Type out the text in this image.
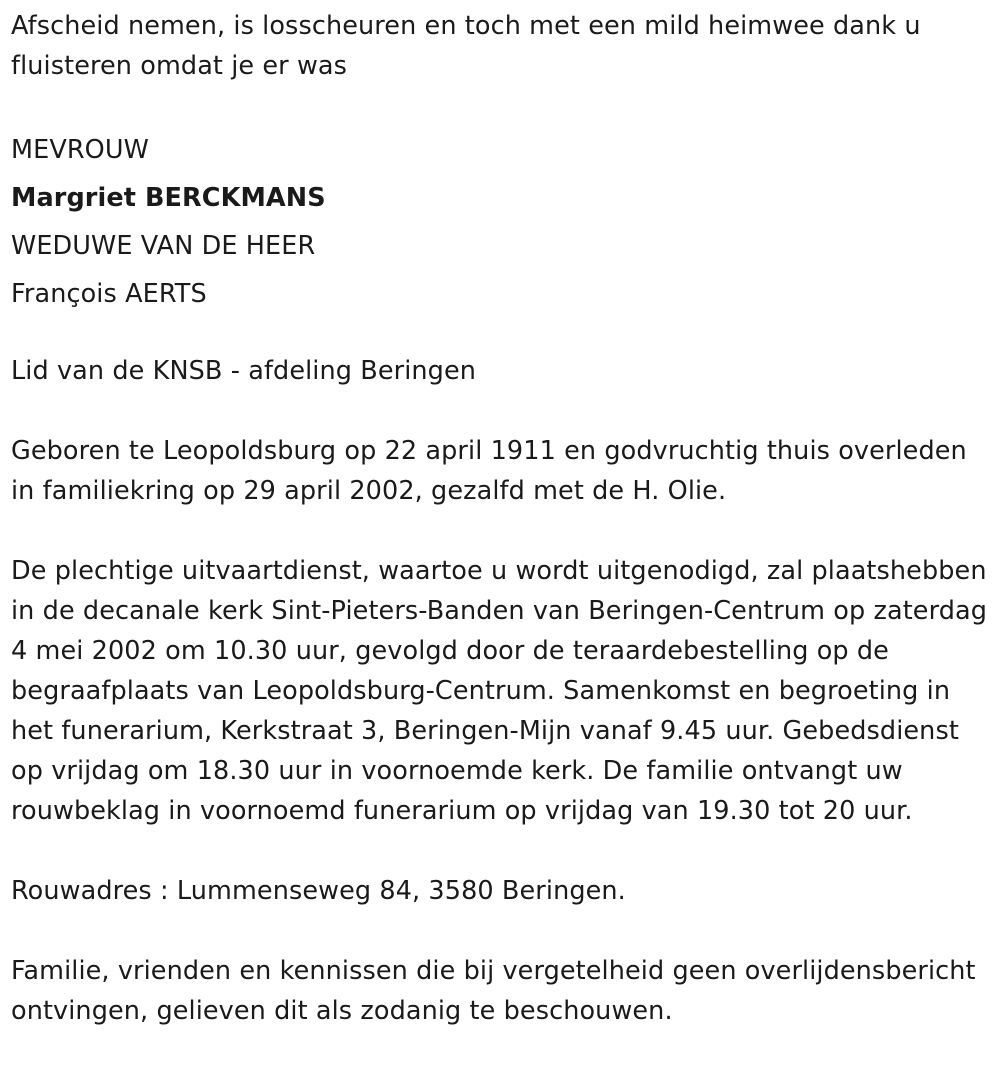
Afscheid nemen, is losscheuren en toch met een mild heimwee dank u fluisteren omdat je er was

MEVROUW
Margriet BERCKMANS
WEDUWE VAN DE HEER
François AERTS

Lid van de KNSB - afdeling Beringen

Geboren te Leopoldsburg op 22 april 1911 en godvruchtig thuis overleden in familiekring op 29 april 2002, gezalfd met de H. Olie.

De plechtige uitvaartdienst, waartoe u wordt uitgenodigd, zal plaatshebben in de decanale kerk Sint-Pieters-Banden van Beringen-Centrum op zaterdag 4 mei 2002 om 10.30 uur, gevolgd door de teraardebestelling op de begraafplaats van Leopoldsburg-Centrum. Samenkomst en begroeting in het funerarium, Kerkstraat 3, Beringen-Mijn vanaf 9.45 uur. Gebedsdienst op vrijdag om 18.30 uur in voornoemde kerk. De familie ontvangt uw rouwbeklag in voornoemd funerarium op vrijdag van 19.30 tot 20 uur.

Rouwadres : Lummenseweg 84, 3580 Beringen.

Familie, vrienden en kennissen die bij vergetelheid geen overlijdensbericht ontvingen, gelieven dit als zodanig te beschouwen.
